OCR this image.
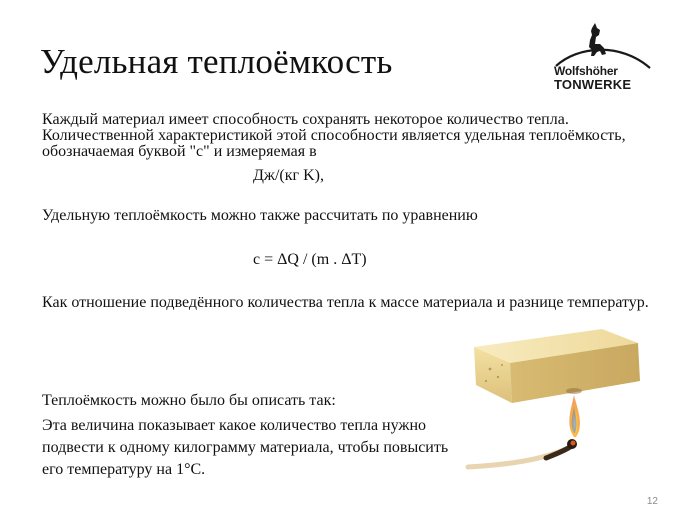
Удельная теплоёмкость	Wolfshöher
TONWERKE

Каждый материал имеет способность сохранять некоторое количество тепла. Количественной характеристикой этой способности является удельная теплоёмкость, обозначаемая буквой "c" и измеряемая в

Дж/(кг K),

Удельную теплоёмкость можно также рассчитать по уравнению

c = ΔQ / (m . ΔT)

Как отношение подведённого количества тепла к массе материала и разнице температур.

Теплоёмкость можно было бы описать так:

Эта величина показывает какое количество тепла нужно подвести к одному килограмму материала, чтобы повысить его температуру на 1°C.

12
